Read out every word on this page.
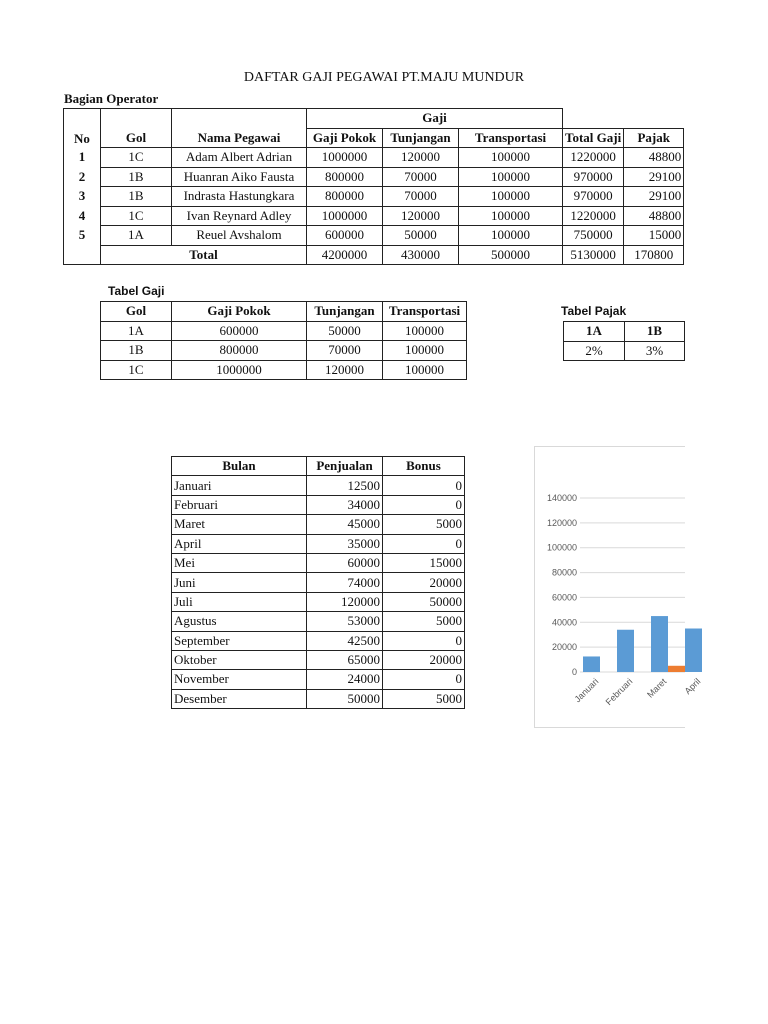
DAFTAR GAJI PEGAWAI PT.MAJU MUNDUR
Bagian Operator
No	Gol	Nama Pegawai	Gaji				
			Gaji Pokok	Tunjangan	Transportasi	Total Gaji	Pajak
1	1C	Adam Albert Adrian	1000000	120000	100000	1220000	48800
2	1B	Huanran Aiko Fausta	800000	70000	100000	970000	29100
3	1B	Indrasta Hastungkara	800000	70000	100000	970000	29100
4	1C	Ivan Reynard Adley	1000000	120000	100000	1220000	48800
5	1A	Reuel Avshalom	600000	50000	100000	750000	15000
	Total		4200000	430000	500000	5130000	170800
Tabel Gaji
Gol	Gaji Pokok	Tunjangan	Transportasi
1A	600000	50000	100000
1B	800000	70000	100000
1C	1000000	120000	100000
Tabel Pajak
1A	1B
2%	3%
Bulan	Penjualan	Bonus
Januari	12500	0
Februari	34000	0
Maret	45000	5000
April	35000	0
Mei	60000	15000
Juni	74000	20000
Juli	120000	50000
Agustus	53000	5000
September	42500	0
Oktober	65000	20000
November	24000	0
Desember	50000	5000
0
20000
40000
60000
80000
100000
120000
140000
Januari Februari Maret April
